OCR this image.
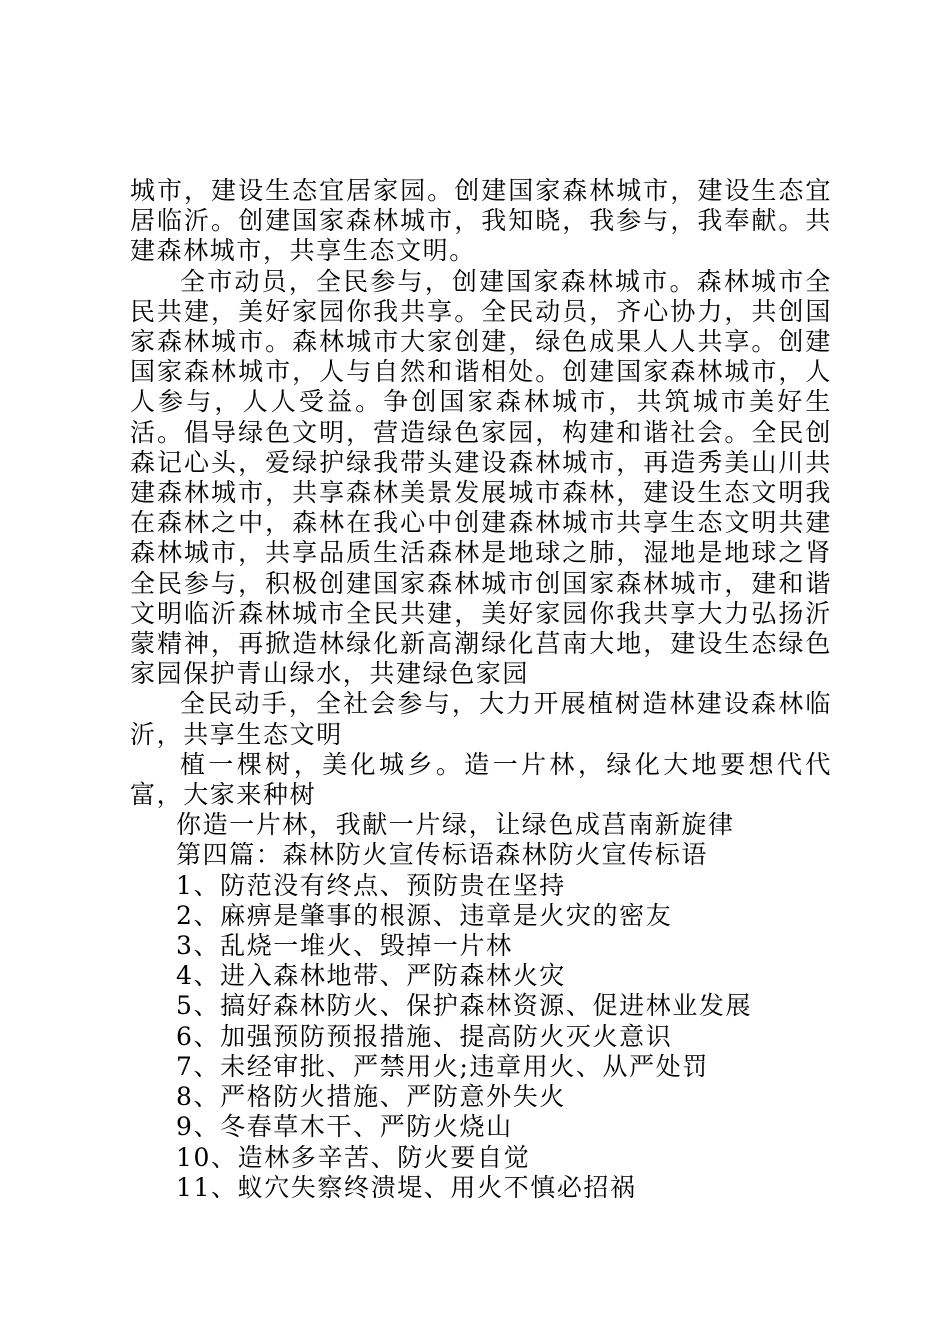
城市，建设生态宜居家园。创建国家森林城市，建设生态宜居临沂。创建国家森林城市，我知晓，我参与，我奉献。共建森林城市，共享生态文明。

全市动员，全民参与，创建国家森林城市。森林城市全民共建，美好家园你我共享。全民动员，齐心协力，共创国家森林城市。森林城市大家创建，绿色成果人人共享。创建国家森林城市，人与自然和谐相处。创建国家森林城市，人人参与，人人受益。争创国家森林城市，共筑城市美好生活。倡导绿色文明，营造绿色家园，构建和谐社会。全民创森记心头，爱绿护绿我带头建设森林城市，再造秀美山川共建森林城市，共享森林美景发展城市森林，建设生态文明我在森林之中，森林在我心中创建森林城市共享生态文明共建森林城市，共享品质生活森林是地球之肺，湿地是地球之肾全民参与，积极创建国家森林城市创国家森林城市，建和谐文明临沂森林城市全民共建，美好家园你我共享大力弘扬沂蒙精神，再掀造林绿化新高潮绿化莒南大地，建设生态绿色家园保护青山绿水，共建绿色家园

全民动手，全社会参与，大力开展植树造林建设森林临沂，共享生态文明

植一棵树，美化城乡。造一片林，绿化大地要想代代富，大家来种树

你造一片林，我献一片绿，让绿色成莒南新旋律

第四篇：森林防火宣传标语森林防火宣传标语

1、防范没有终点、预防贵在坚持

2、麻痹是肇事的根源、违章是火灾的密友

3、乱烧一堆火、毁掉一片林

4、进入森林地带、严防森林火灾

5、搞好森林防火、保护森林资源、促进林业发展

6、加强预防预报措施、提高防火灭火意识

7、未经审批、严禁用火;违章用火、从严处罚

8、严格防火措施、严防意外失火

9、冬春草木干、严防火烧山

10、造林多辛苦、防火要自觉

11、蚁穴失察终溃堤、用火不慎必招祸
